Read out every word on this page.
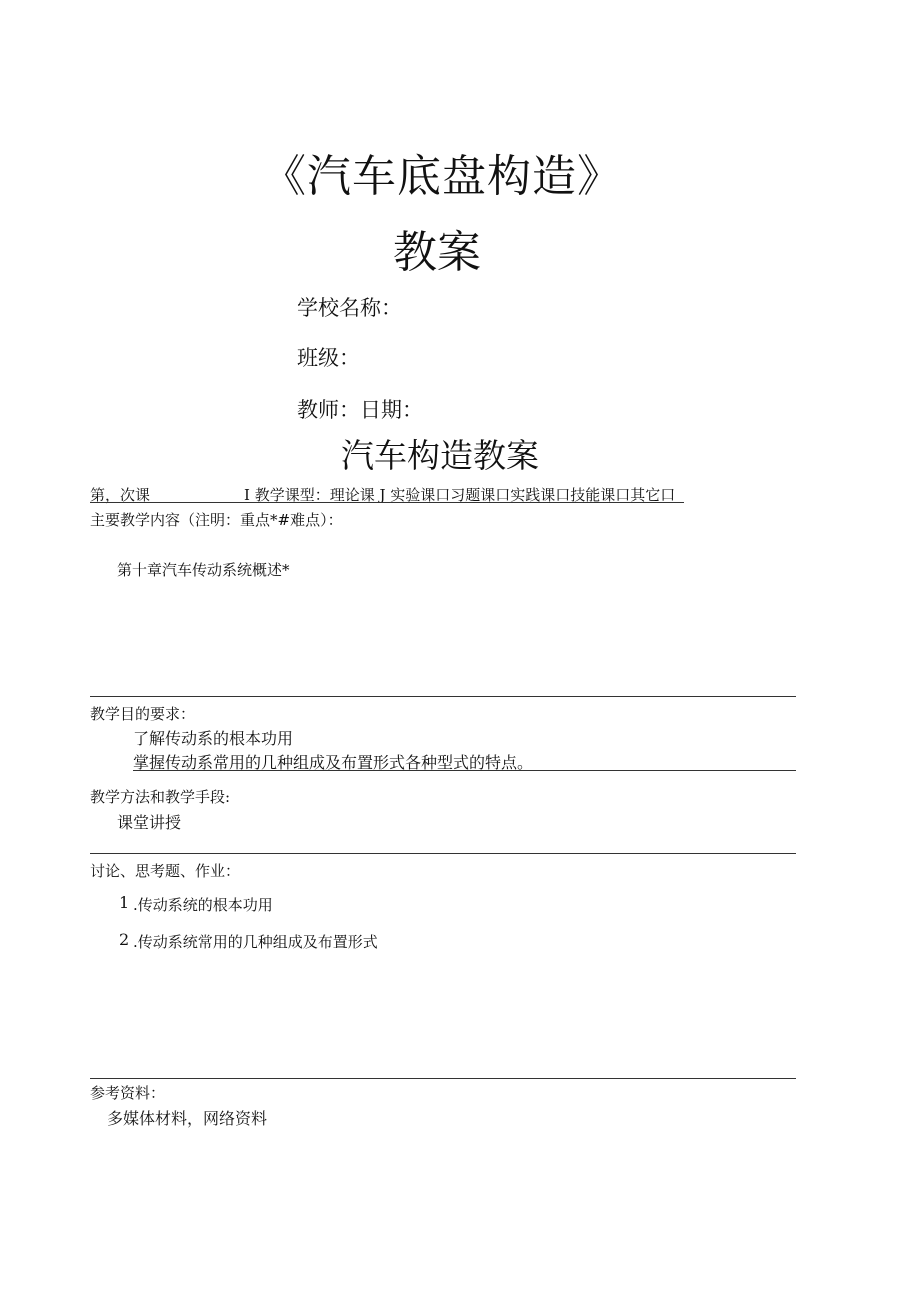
《汽车底盘构造》
教案
学校名称：
班级：
教师：日期：
汽车构造教案
第，次课	I 教学课型：理论课 J 实验课口习题课口实践课口技能课口其它口
主要教学内容（注明：重点*#难点）：
第十章汽车传动系统概述*
教学目的要求：
了解传动系的根本功用
掌握传动系常用的几种组成及布置形式各种型式的特点。
教学方法和教学手段:
课堂讲授
讨论、思考题、作业：
1 .传动系统的根本功用
2 .传动系统常用的几种组成及布置形式
参考资料：
多媒体材料，网络资料
